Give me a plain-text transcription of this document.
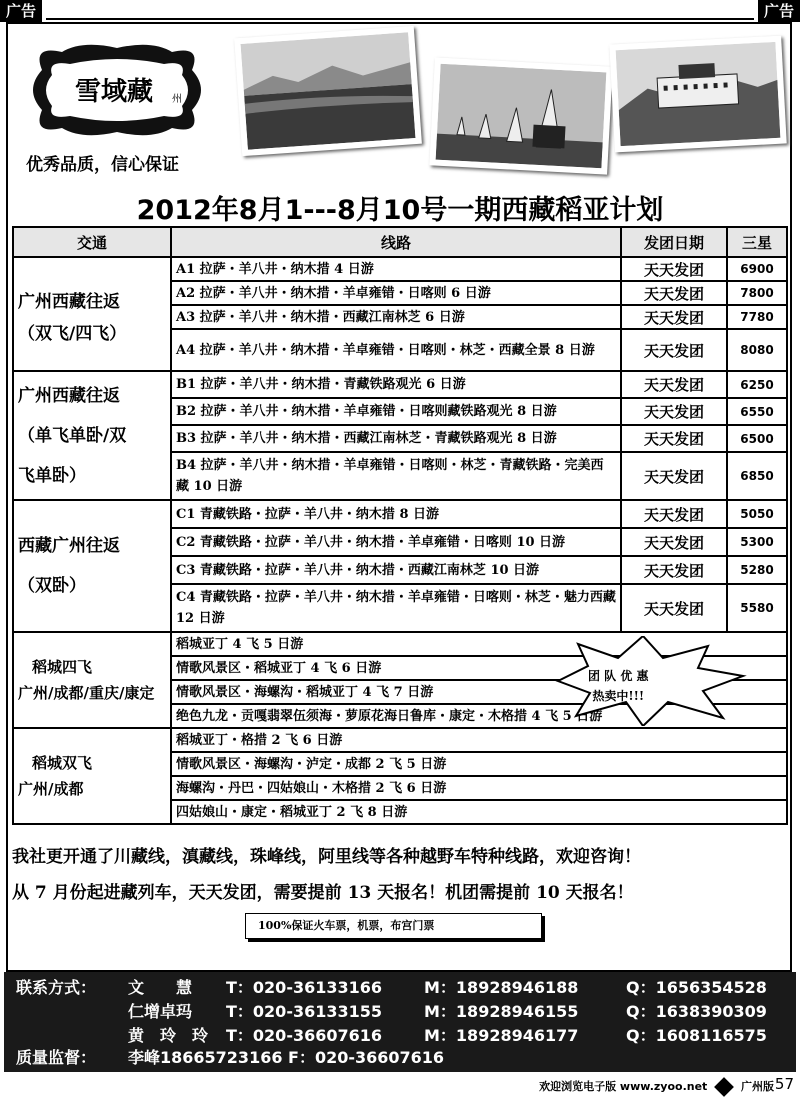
广告	广告
雪域藏 州
优秀品质，信心保证
2012年8月1---8月10号一期西藏稻亚计划
交通	线路	发团日期	三星

广州西藏往返
（双飞/四飞）	A1 拉萨・羊八井・纳木措 4 日游	天天发团	6900
	A2 拉萨・羊八井・纳木措・羊卓雍错・日喀则 6 日游	天天发团	7800
	A3 拉萨・羊八井・纳木措・西藏江南林芝 6 日游	天天发团	7780
	A4 拉萨・羊八井・纳木措・羊卓雍错・日喀则・林芝・西藏全景 8 日游	天天发团	8080

广州西藏往返
（单飞单卧/双
飞单卧）	B1 拉萨・羊八井・纳木措・青藏铁路观光 6 日游	天天发团	6250
	B2 拉萨・羊八井・纳木措・羊卓雍错・日喀则藏铁路观光 8 日游	天天发团	6550
	B3 拉萨・羊八井・纳木措・西藏江南林芝・青藏铁路观光 8 日游	天天发团	6500
	B4 拉萨・羊八井・纳木措・羊卓雍错・日喀则・林芝・青藏铁路・完美西藏 10 日游	天天发团	6850

西藏广州往返
（双卧）	C1 青藏铁路・拉萨・羊八井・纳木措 8 日游	天天发团	5050
	C2 青藏铁路・拉萨・羊八井・纳木措・羊卓雍错・日喀则 10 日游	天天发团	5300
	C3 青藏铁路・拉萨・羊八井・纳木措・西藏江南林芝 10 日游	天天发团	5280
	C4 青藏铁路・拉萨・羊八井・纳木措・羊卓雍错・日喀则・林芝・魅力西藏 12 日游	天天发团	5580

稻城四飞
广州/成都/重庆/康定	稻城亚丁 4 飞 5 日游		
	情歌风景区・稻城亚丁 4 飞 6 日游		
	情歌风景区・海螺沟・稻城亚丁 4 飞 7 日游		
	绝色九龙・贡嘎翡翠伍须海・萝原花海日鲁库・康定・木格措 4 飞 5 日游		

稻城双飞
广州/成都	稻城亚丁・格措 2 飞 6 日游		
	情歌风景区・海螺沟・泸定・成都 2 飞 5 日游		
	海螺沟・丹巴・四姑娘山・木格措 2 飞 6 日游		
	四姑娘山・康定・稻城亚丁 2 飞 8 日游		
团 队 优 惠
热卖中!!!
我社更开通了川藏线，滇藏线，珠峰线，阿里线等各种越野车特种线路，欢迎咨询！
从 7 月份起进藏列车，天天发团，需要提前 13 天报名！机团需提前 10 天报名！
100%保证火车票，机票，布宫门票
联系方式： 文　　慧 T：020-36133166	M：18928946188	Q：1656354528
仁增卓玛 T：020-36133155	M：18928946155	Q：1638390309
黄　玲　玲 T：020-36607616	M：18928946177	Q：1608116575
质量监督： 李峰18665723166 F：020-36607616
欢迎浏览电子版 www.zyoo.net	广州版 57
